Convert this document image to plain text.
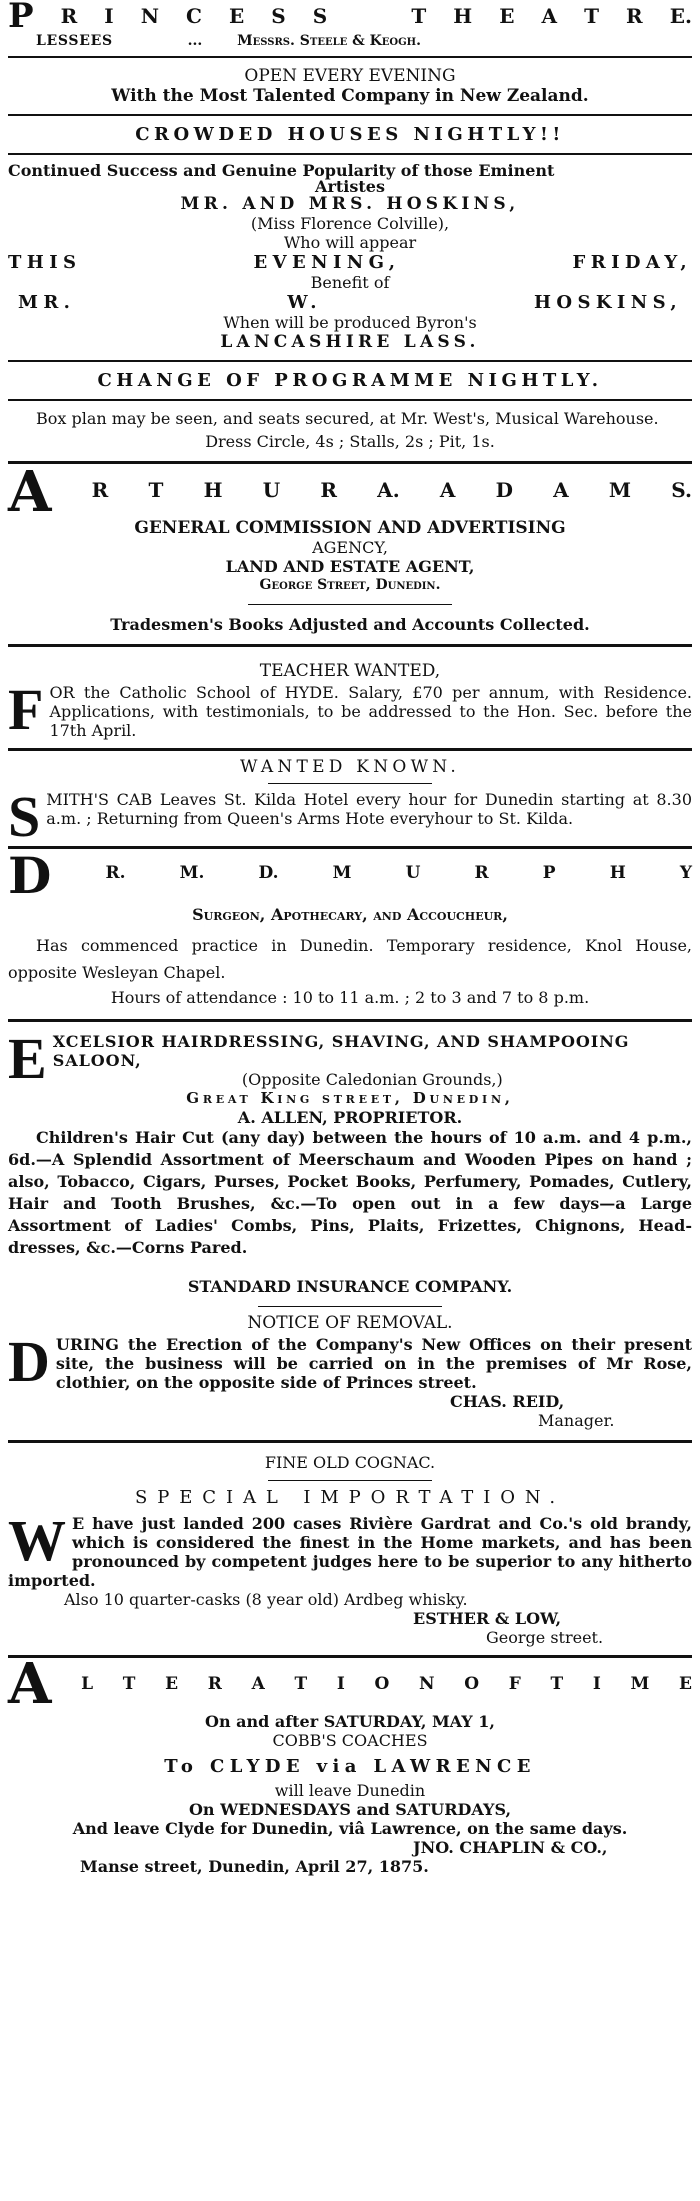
P R I N C E S S	T H E A T R E.
LESSEES	... Messrs. Steele & Keogh.
OPEN EVERY EVENING
With the Most Talented Company in New Zealand.
CROWDED HOUSES NIGHTLY!!
Continued Success and Genuine Popularity of those Eminent
Artistes
MR. AND MRS. HOSKINS,
(Miss Florence Colville),
Who will appear
THIS	EVENING,	FRIDAY,
Benefit of
MR.	W.	HOSKINS,
When will be produced Byron's
LANCASHIRE LASS.
CHANGE OF PROGRAMME NIGHTLY.
Box plan may be seen, and seats secured, at Mr. West's, Musical Warehouse.
Dress Circle, 4s ; Stalls, 2s ; Pit, 1s.
A R T H U R A. A D A M S.
GENERAL COMMISSION AND ADVERTISING
AGENCY,
LAND AND ESTATE AGENT,
George Street, Dunedin.
Tradesmen's Books Adjusted and Accounts Collected.
TEACHER WANTED,
F OR the Catholic School of HYDE. Salary, £70 per annum, with Residence. Applications, with testimonials, to be addressed to the Hon. Sec. before the 17th April.
WANTED KNOWN.
S MITH'S CAB Leaves St. Kilda Hotel every hour for Dunedin starting at 8.30 a.m. ; Returning from Queen's Arms Hote everyhour to St. Kilda.
D	R.	M.	D.	M	U	R	P	H	Y
Surgeon, Apothecary, and Accoucheur,
Has commenced practice in Dunedin. Temporary residence, Knol House, opposite Wesleyan Chapel.
Hours of attendance : 10 to 11 a.m. ; 2 to 3 and 7 to 8 p.m.
E XCELSIOR HAIRDRESSING, SHAVING, AND SHAMPOOING SALOON,
(Opposite Caledonian Grounds,)
Great King street, Dunedin,
A. ALLEN, PROPRIETOR.
Children's Hair Cut (any day) between the hours of 10 a.m. and 4 p.m., 6d.—A Splendid Assortment of Meerschaum and Wooden Pipes on hand ; also, Tobacco, Cigars, Purses, Pocket Books, Perfumery, Pomades, Cutlery, Hair and Tooth Brushes, &c.—To open out in a few days—a Large Assortment of Ladies' Combs, Pins, Plaits, Frizettes, Chignons, Head-dresses, &c.—Corns Pared.
STANDARD INSURANCE COMPANY.
NOTICE OF REMOVAL.
D URING the Erection of the Company's New Offices on their present site, the business will be carried on in the premises of Mr Rose, clothier, on the opposite side of Princes street.
CHAS. REID,
Manager.
FINE OLD COGNAC.
SPECIAL IMPORTATION.
W E have just landed 200 cases Rivière Gardrat and Co.'s old brandy, which is considered the finest in the Home markets, and has been pronounced by competent judges here to be superior to any hitherto imported.
Also 10 quarter-casks (8 year old) Ardbeg whisky.
ESTHER & LOW,
George street.
A L T E R A T I O N O F T I M E
On and after SATURDAY, MAY 1,
COBB'S COACHES
To CLYDE via LAWRENCE
will leave Dunedin
On WEDNESDAYS and SATURDAYS,
And leave Clyde for Dunedin, viâ Lawrence, on the same days.
JNO. CHAPLIN & CO.,
Manse street, Dunedin, April 27, 1875.
